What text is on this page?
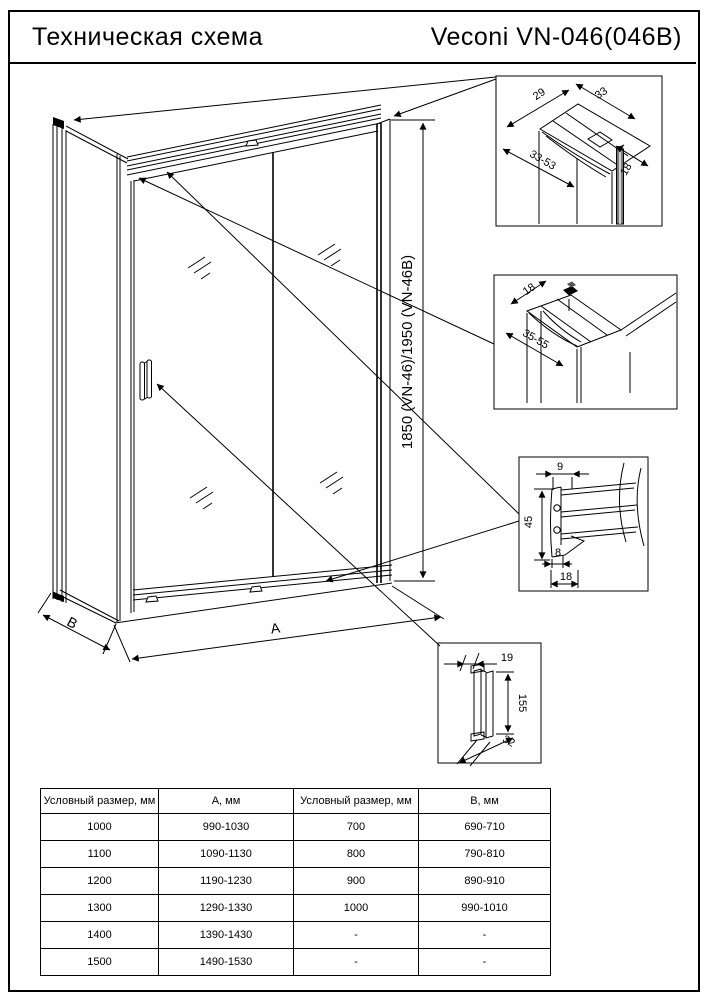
Техническая схема	Veconi VN-046(046B)
1850 (VN-46)/1950 (VN-46B)
А
B
29	33
33-53	18
18
35-55
9
45
8
18
19
155
32
Условный размер, мм	А, мм	Условный размер, мм	В, мм
1000	990-1030	700	690-710
1100	1090-1130	800	790-810
1200	1190-1230	900	890-910
1300	1290-1330	1000	990-1010
1400	1390-1430	-	-
1500	1490-1530	-	-
